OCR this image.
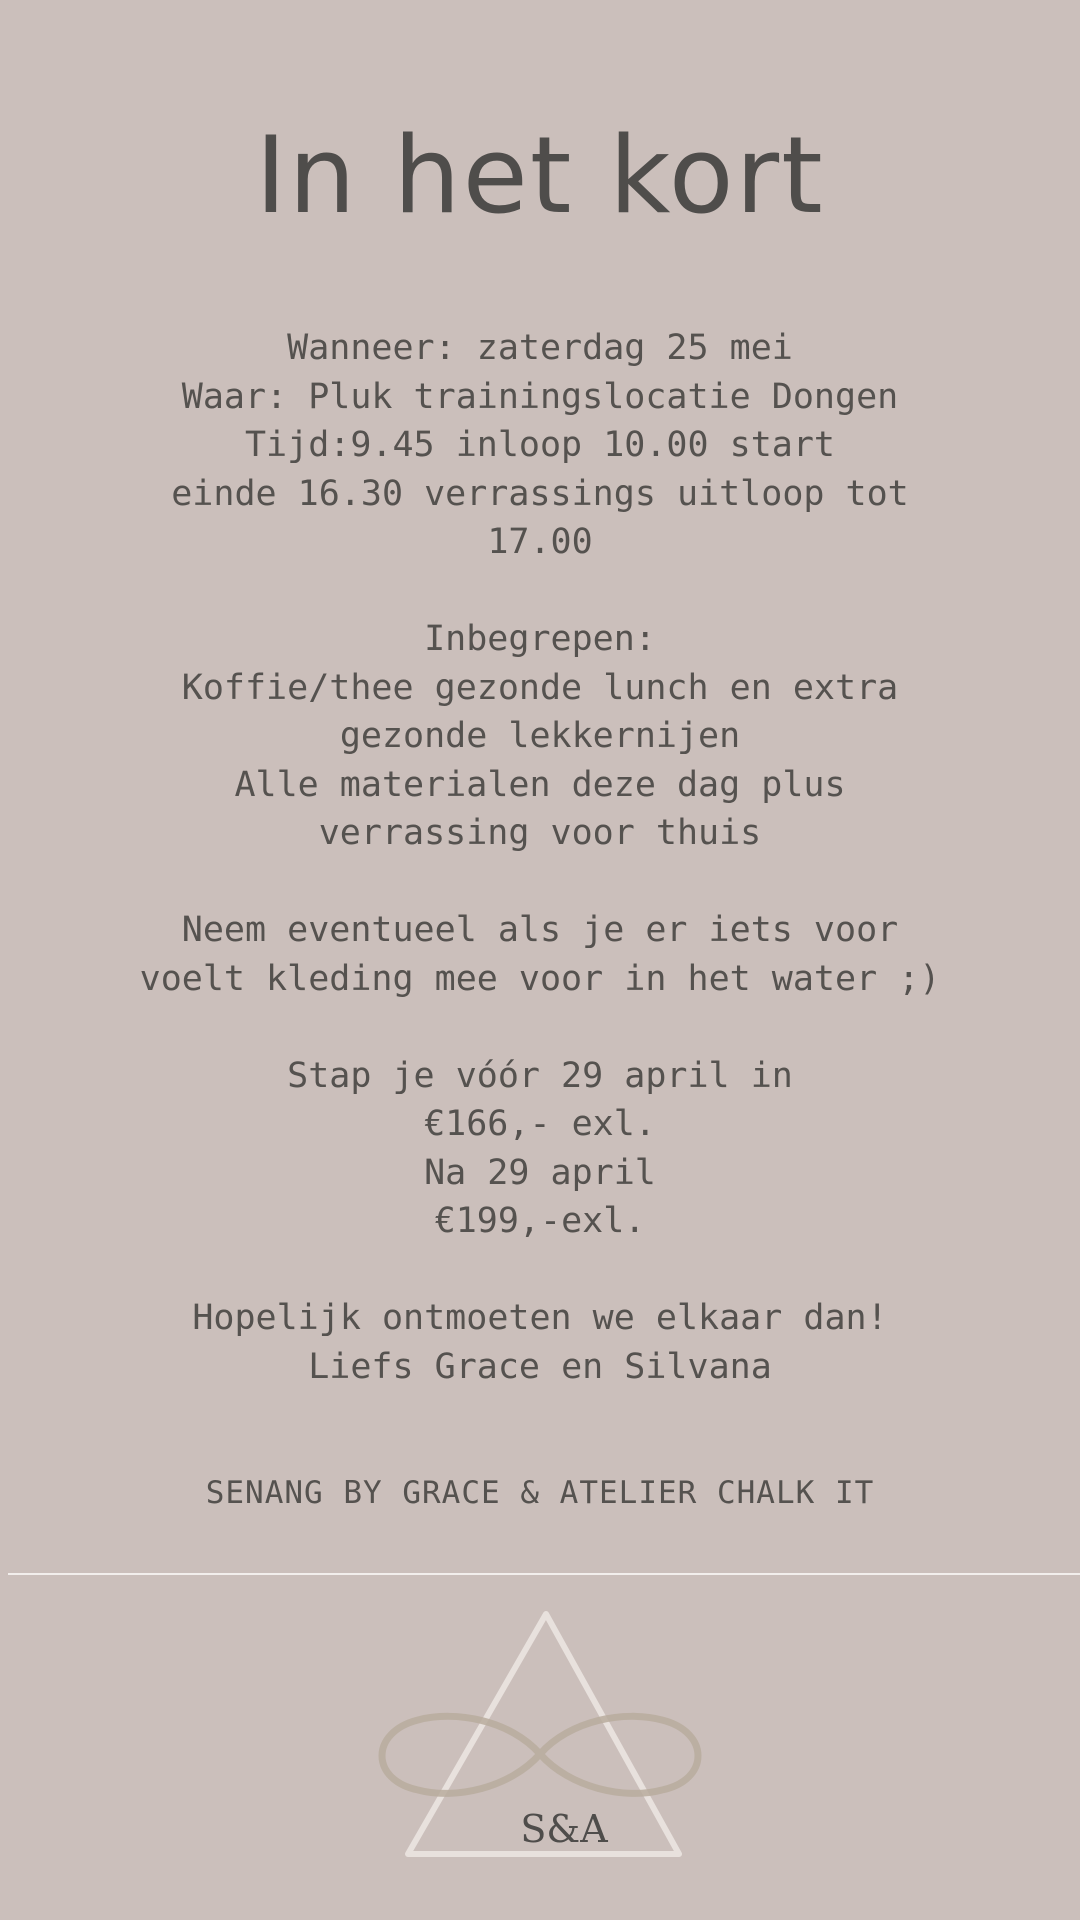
In het kort
Wanneer: zaterdag 25 mei
Waar: Pluk trainingslocatie Dongen
Tijd:9.45 inloop 10.00 start
einde 16.30 verrassings uitloop tot
17.00
Inbegrepen:
Koffie/thee gezonde lunch en extra
gezonde lekkernijen
Alle materialen deze dag plus
verrassing voor thuis
Neem eventueel als je er iets voor
voelt kleding mee voor in het water ;)
Stap je vóór 29 april in
€166,- exl.
Na 29 april
€199,-exl.
Hopelijk ontmoeten we elkaar dan!
Liefs Grace en Silvana
SENANG BY GRACE & ATELIER CHALK IT
S&A
